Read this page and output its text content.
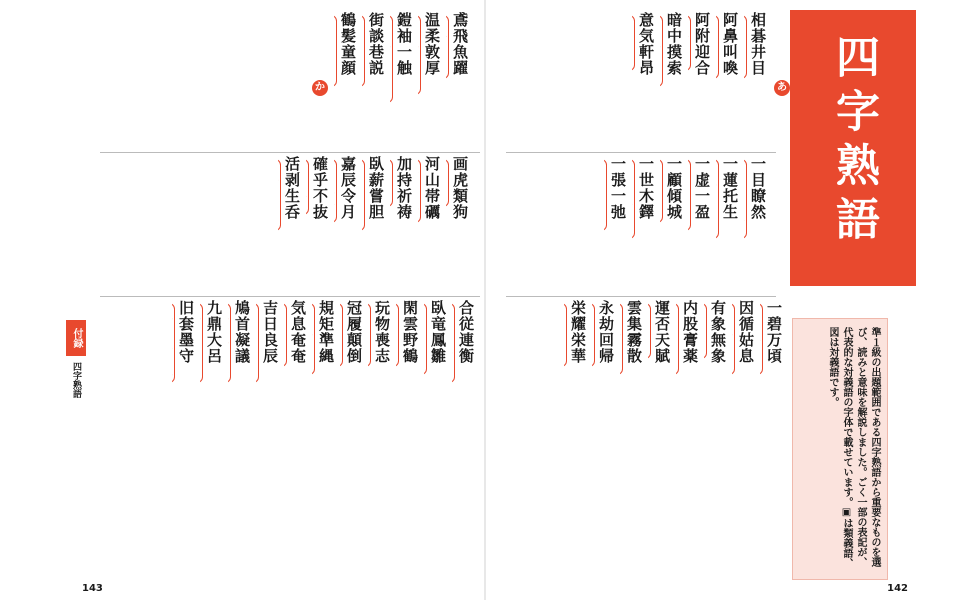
四字熟語
あ
相碁井目
阿鼻叫喚
阿附迎合
暗中摸索
意気軒昂
一目瞭然
一蓮托生
一虚一盈
一顧傾城
一世木鐸
一張一弛
一碧万頃
因循姑息
有象無象
内股膏薬
運否天賦
雲集霧散
永劫回帰
栄耀栄華	準１級の出題範囲である四字熟語から重要なものを選び、読みと意味を解説しました。ごく一部の表記が、代表的な対義語の字体で載せています。▣は類義語、図は対義語です。
142
か
鳶飛魚躍
温柔敦厚
鎧袖一触
街談巷説
鶴髪童顔
画虎類狗
河山帯礪
加持祈祷
臥薪嘗胆
嘉辰令月
確乎不抜
活剥生呑
合従連衡
臥竜鳳雛
閑雲野鶴
玩物喪志
冠履顛倒
規矩準縄
気息奄奄
吉日良辰
鳩首凝議
九鼎大呂
旧套墨守
付録
四字熟語
143
